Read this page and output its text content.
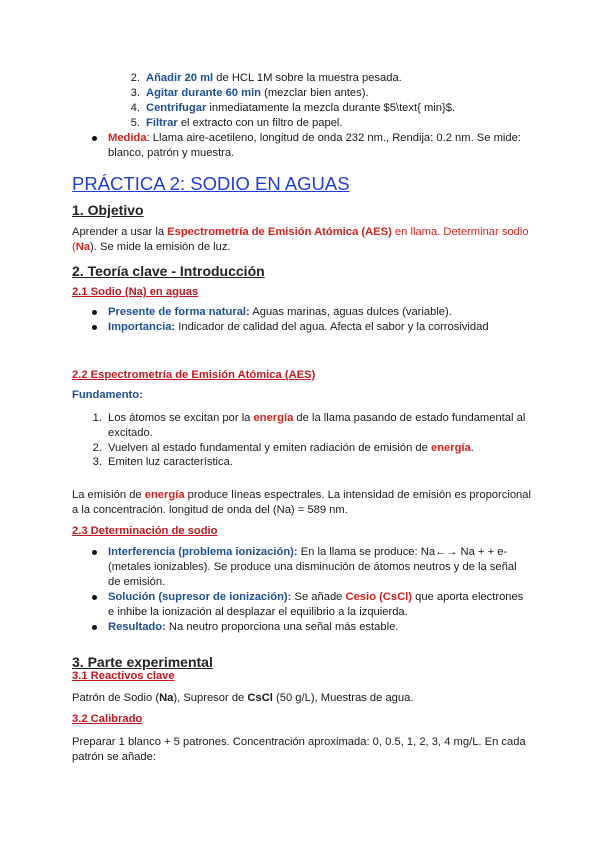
2. Añadir 20 ml de HCL 1M sobre la muestra pesada.
3. Agitar durante 60 min (mezclar bien antes).
4. Centrifugar inmediatamente la mezcla durante $5\text{ min}$.
5. Filtrar el extracto con un filtro de papel.
Medida: Llama aire-acetileno, longitud de onda 232 nm., Rendija: 0.2 nm. Se mide:
blanco, patrón y muestra.
PRÁCTICA 2: SODIO EN AGUAS
1. Objetivo
Aprender a usar la Espectrometría de Emisión Atómica (AES) en llama. Determinar sodio
(Na). Se mide la emisión de luz.
2. Teoría clave - Introducción
2.1 Sodio (Na) en aguas
Presente de forma natural: Aguas marinas, aguas dulces (variable).
Importancia: Indicador de calidad del agua. Afecta el sabor y la corrosividad
2.2 Espectrometría de Emisión Atómica (AES)
Fundamento:
1. Los átomos se excitan por la energía de la llama pasando de estado fundamental al
excitado.
2. Vuelven al estado fundamental y emiten radiación de emisión de energía.
3. Emiten luz característica.
La emisión de energía produce líneas espectrales. La intensidad de emisión es proporcional
a la concentración. longitud de onda del (Na) = 589 nm.
2.3 Determinación de sodio
Interferencia (problema ionización): En la llama se produce: Na←→ Na + + e-
(metales ionizables). Se produce una disminución de átomos neutros y de la señal
de emisión.
Solución (supresor de ionización): Se añade Cesio (CsCl) que aporta electrones
e inhibe la ionización al desplazar el equilibrio a la izquierda.
Resultado: Na neutro proporciona una señal más estable.
3. Parte experimental
3.1 Reactivos clave
Patrón de Sodio (Na), Supresor de CsCl (50 g/L), Muestras de agua.
3.2 Calibrado
Preparar 1 blanco + 5 patrones. Concentración aproximada: 0, 0.5, 1, 2, 3, 4 mg/L. En cada
patrón se añade:
